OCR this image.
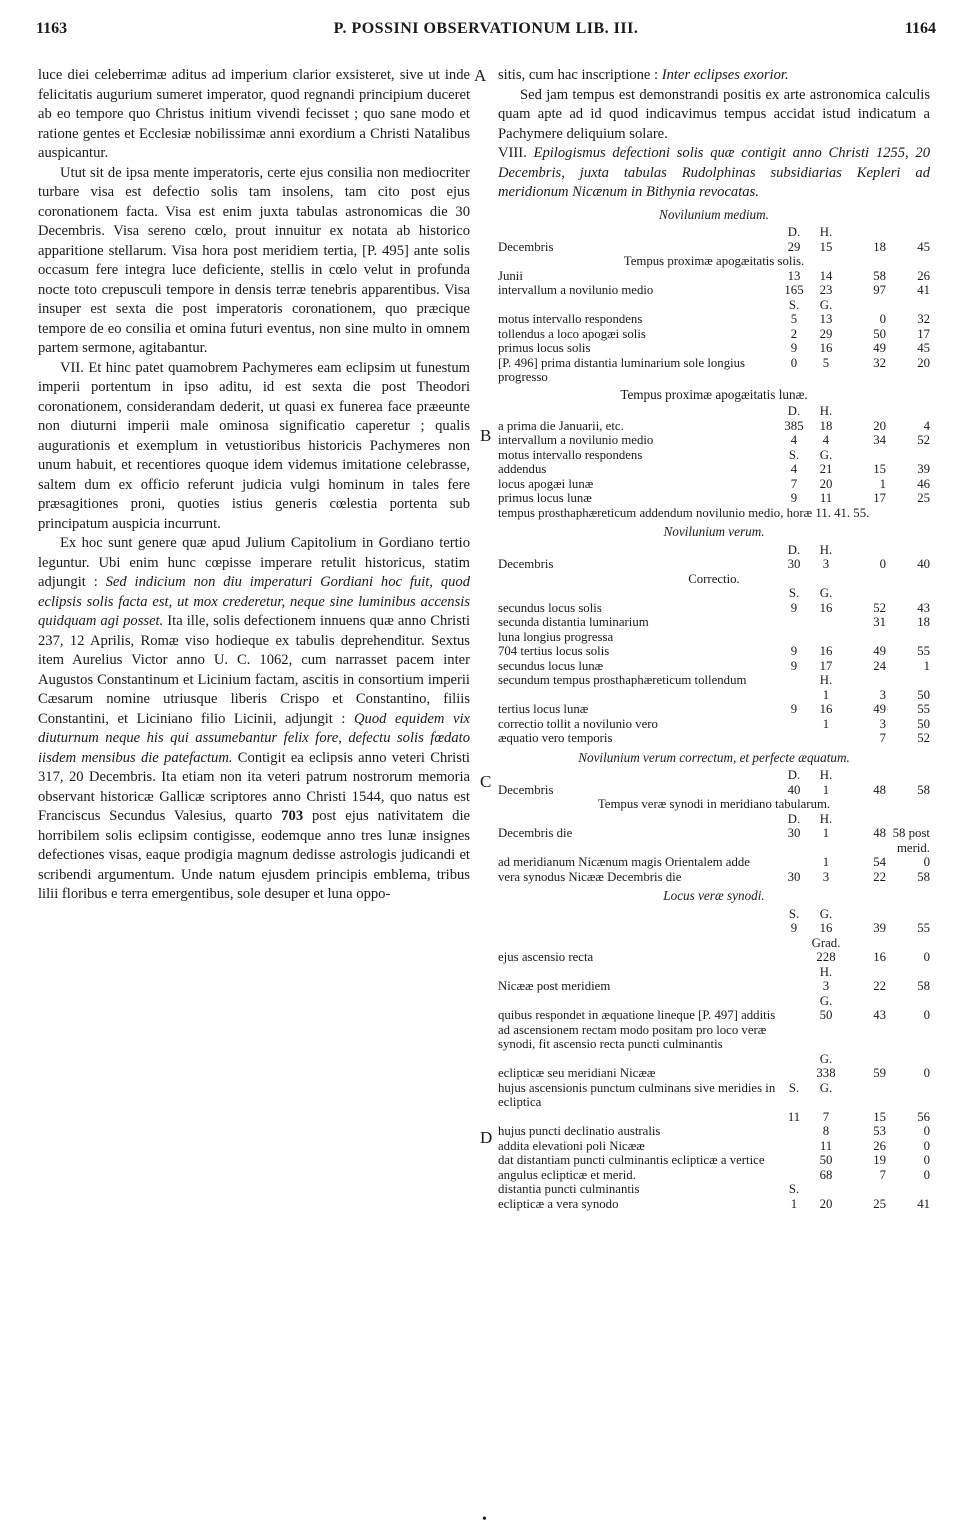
1163	P. POSSINI OBSERVATIONUM LIB. III.	1164
A
B
C
D

luce diei celeberrimæ aditus ad imperium clarior exsisteret, sive ut inde felicitatis augurium sumeret imperator, quod regnandi principium duceret ab eo tempore quo Christus initium vivendi fecisset ; quo sane modo et ratione gentes et Ecclesiæ nobilissimæ anni exordium a Christi Natalibus auspicantur.

Utut sit de ipsa mente imperatoris, certe ejus consilia non mediocriter turbare visa est defectio solis tam insolens, tam cito post ejus coronationem facta. Visa est enim juxta tabulas astronomicas die 30 Decembris. Visa sereno cœlo, prout innuitur ex notata ab historico apparitione stellarum. Visa hora post meridiem tertia, [P. 495] ante solis occasum fere integra luce deficiente, stellis in cœlo velut in profunda nocte toto crepusculi tempore in densis terræ tenebris apparentibus. Visa insuper est sexta die post imperatoris coronationem, quo præcique tempore de eo consilia et omina futuri eventus, non sine multo in omnem partem sermone, agitabantur.

VII. Et hinc patet quamobrem Pachymeres eam eclipsim ut funestum imperii portentum in ipso aditu, id est sexta die post Theodori coronationem, considerandam dederit, ut quasi ex funerea face præeunte non diuturni imperii male ominosa significatio caperetur ; qualis augurationis et exemplum in vetustioribus historicis Pachymeres non unum habuit, et recentiores quoque idem videmus imitatione celebrasse, saltem dum ex officio referunt judicia vulgi hominum in tales fere præsagitiones proni, quoties istius generis cœlestia portenta sub principatum auspicia incurrunt.

Ex hoc sunt genere quæ apud Julium Capitolium in Gordiano tertio leguntur. Ubi enim hunc cœpisse imperare retulit historicus, statim adjungit : Sed indicium non diu imperaturi Gordiani hoc fuit, quod eclipsis solis facta est, ut mox crederetur, neque sine luminibus accensis quidquam agi posset. Ita ille, solis defectionem innuens quæ anno Christi 237, 12 Aprilis, Romæ viso hodieque ex tabulis deprehenditur. Sextus item Aurelius Victor anno U. C. 1062, cum narrasset pacem inter Augustos Constantinum et Licinium factam, ascitis in consortium imperii Cæsarum nomine utriusque liberis Crispo et Constantino, filiis Constantini, et Liciniano filio Licinii, adjungit : Quod equidem vix diuturnum neque his qui assumebantur felix fore, defectu solis fœdato iisdem mensibus die patefactum. Contigit ea eclipsis anno veteri Christi 317, 20 Decembris. Ita etiam non ita veteri patrum nostrorum memoria observant historicæ Gallicæ scriptores anno Christi 1544, quo natus est Franciscus Secundus Valesius, quarto 703 post ejus nativitatem die horribilem solis eclipsim contigisse, eodemque anno tres lunæ insignes defectiones visas, eaque prodigia magnum dedisse astrologis judicandi et scribendi argumentum. Unde natum ejusdem principis emblema, tribus lilii floribus e terra emergentibus, sole desuper et luna oppo-

sitis, cum hac inscriptione : Inter eclipses exorior.

Sed jam tempus est demonstrandi positis ex arte astronomica calculis quam apte ad id quod indicavimus tempus accidat istud indicatum a Pachymere deliquium solare.

VIII. Epilogismus defectioni solis quæ contigit anno Christi 1255, 20 Decembris, juxta tabulas Rudolphinas subsidiarias Kepleri ad meridionum Nicænum in Bithynia revocatas.

Novilunium medium.
	D.	H.		
Decembris	29	15	18	45
Tempus proximæ apogæitatis solis.				
Junii	13	14	58	26
intervallum a novilunio medio	165	23	97	41
	S.	G.		
motus intervallo respondens	5	13	0	32
tollendus a loco apogæi solis	2	29	50	17
primus locus solis	9	16	49	45
[P. 496] prima distantia luminarium sole longius progresso	0	5	32	20
Tempus proximæ apogæitatis lunæ.
	D.	H.		
a prima die Januarii, etc.	385	18	20	4
intervallum a novilunio medio	4	4	34	52
motus intervallo respondens	S.	G.		
addendus	4	21	15	39
locus apogæi lunæ	7	20	1	46
primus locus lunæ	9	11	17	25

tempus prosthaphæreticum addendum novilunio medio, horæ 11. 41. 55.

Novilunium verum.
	D.	H.		
Decembris	30	3	0	40
Correctio.				
	S.	G.		
secundus locus solis	9	16	52	43
secunda distantia luminarium			31	18
luna longius progressa				
704 tertius locus solis	9	16	49	55
secundus locus lunæ	9	17	24	1
secundum tempus prosthaphæreticum tollendum		H.		
		1	3	50
tertius locus lunæ	9	16	49	55
correctio tollit a novilunio vero		1	3	50
æquatio vero temporis			7	52
Novilunium verum correctum, et perfecte æquatum.
	D.	H.		
Decembris	40	1	48	58
Tempus veræ synodi in meridiano tabularum.				
	D.	H.		
Decembris die	30	1	48	58 post merid.
ad meridianum Nicænum magis Orientalem adde		1	54	0
vera synodus Nicææ Decembris die	30	3	22	58
Locus veræ synodi.
	S.	G.		
	9	16	39	55
		Grad.		
ejus ascensio recta		228	16	0
		H.		
Nicææ post meridiem		3	22	58
		G.		
quibus respondet in æquatione lineque [P. 497] additis ad ascensionem rectam modo positam pro loco veræ synodi, fit ascensio recta puncti culminantis		50	43	0
		G.		
eclipticæ seu meridiani Nicææ		338	59	0
hujus ascensionis punctum culminans sive meridies in ecliptica	S.	G.		
	11	7	15	56
hujus puncti declinatio australis		8	53	0
addita elevationi poli Nicææ		11	26	0
dat distantiam puncti culminantis eclipticæ a vertice		50	19	0
angulus eclipticæ et merid.		68	7	0
distantia puncti culminantis	S.			
eclipticæ a vera synodo	1	20	25	41
•
